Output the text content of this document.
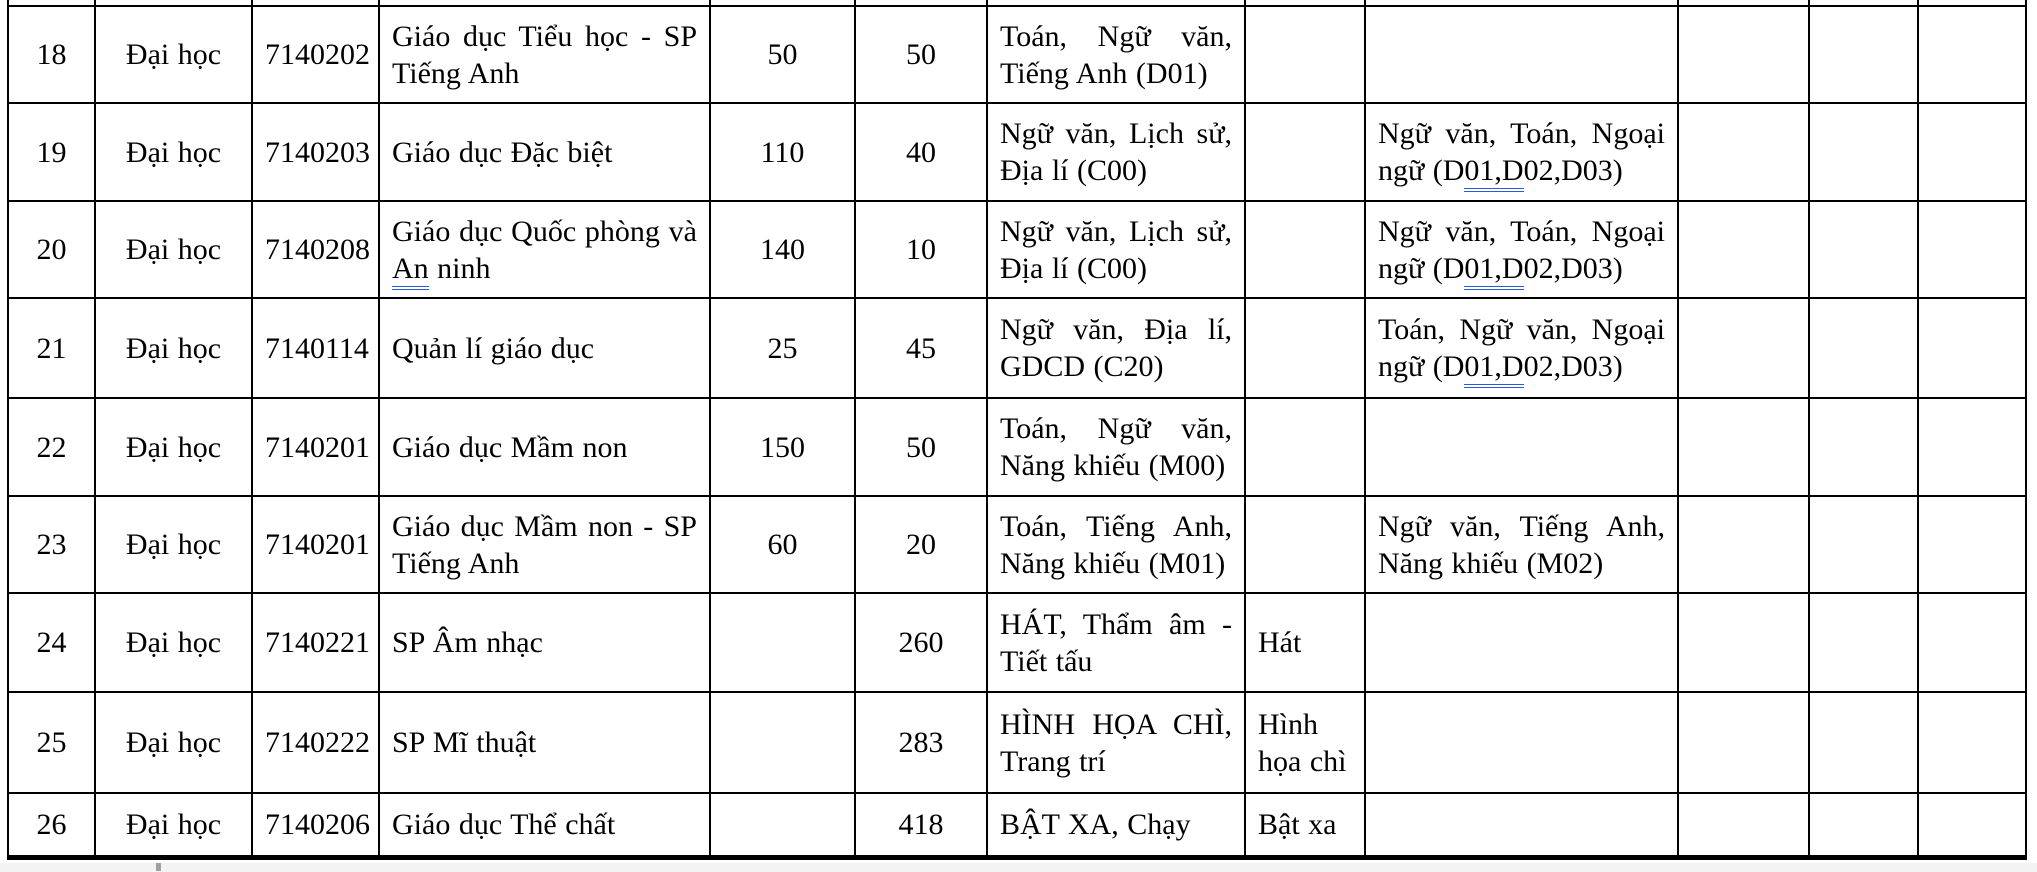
18	Đại học	7140202	Giáo dục Tiểu học - SP Tiếng Anh	50	50	Toán, Ngữ văn, Tiếng Anh (D01)					
19	Đại học	7140203	Giáo dục Đặc biệt	110	40	Ngữ văn, Lịch sử, Địa lí (C00)		Ngữ văn, Toán, Ngoại ngữ (D01,D02,D03)			
20	Đại học	7140208	Giáo dục Quốc phòng và An ninh	140	10	Ngữ văn, Lịch sử, Địa lí (C00)		Ngữ văn, Toán, Ngoại ngữ (D01,D02,D03)			
21	Đại học	7140114	Quản lí giáo dục	25	45	Ngữ văn, Địa lí, GDCD (C20)		Toán, Ngữ văn, Ngoại ngữ (D01,D02,D03)			
22	Đại học	7140201	Giáo dục Mầm non	150	50	Toán, Ngữ văn, Năng khiếu (M00)					
23	Đại học	7140201	Giáo dục Mầm non - SP Tiếng Anh	60	20	Toán, Tiếng Anh, Năng khiếu (M01)		Ngữ văn, Tiếng Anh, Năng khiếu (M02)			
24	Đại học	7140221	SP Âm nhạc		260	HÁT, Thẩm âm - Tiết tấu	Hát				
25	Đại học	7140222	SP Mĩ thuật		283	HÌNH HỌA CHÌ, Trang trí	Hình họa chì				
26	Đại học	7140206	Giáo dục Thể chất		418	BẬT XA, Chạy	Bật xa				
